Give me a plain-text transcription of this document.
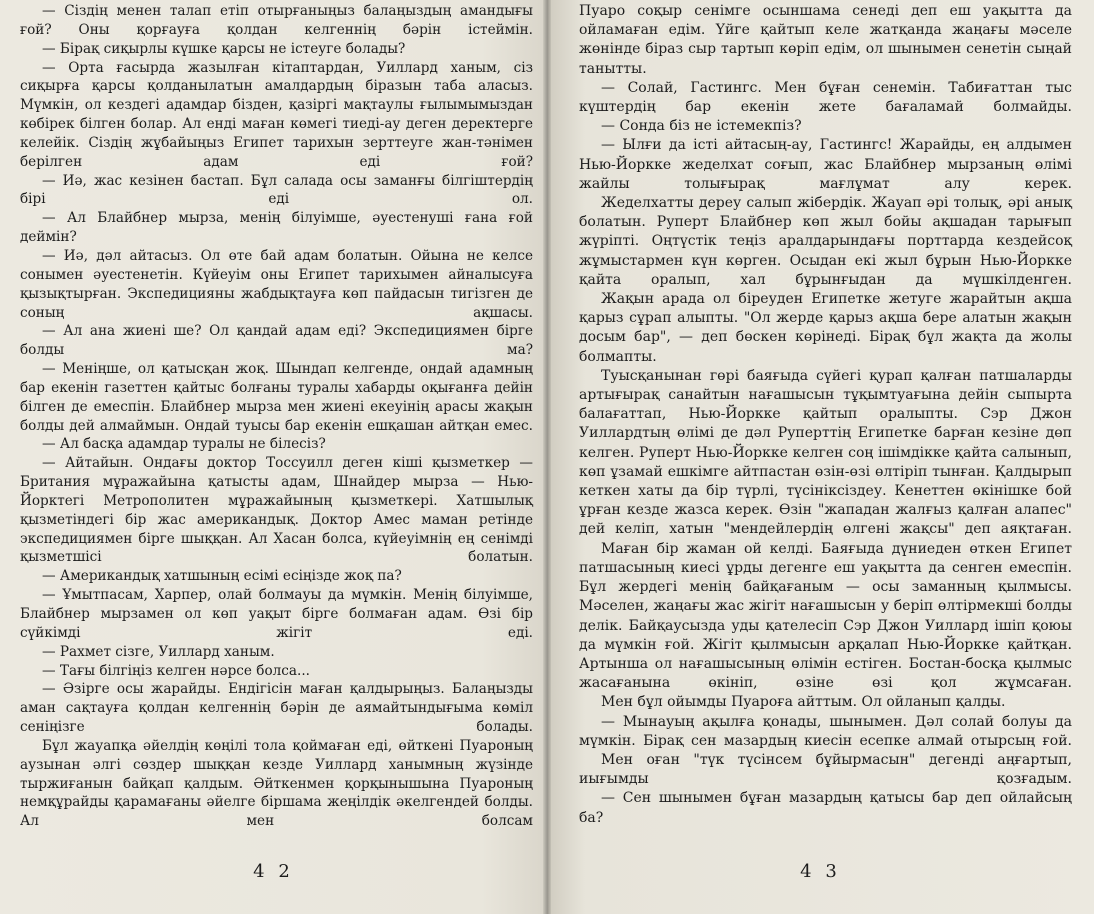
— Сіздің менен талап етіп отырғаныңыз балаңыздың амандығы ғой? Оны қорғауға қолдан келгеннің бәрін істеймін.

— Бірақ сиқырлы күшке қарсы не істеуге болады?

— Орта ғасырда жазылған кітаптардан, Уиллард ханым, сіз сиқырға қарсы қолданылатын амалдардың біразын таба аласыз. Мүмкін, ол кездегі адамдар бізден, қазіргі мақтаулы ғылымымыздан көбірек білген болар. Ал енді маған көмегі тиеді-ау деген деректерге келейік. Сіздің жұбайыңыз Египет тарихын зерттеуге жан-тәнімен берілген адам еді ғой?

— Иә, жас кезінен бастап. Бұл салада осы заманғы білгіштердің бірі еді ол.

— Ал Блайбнер мырза, менің білуімше, әуестенуші ғана ғой деймін?

— Иә, дәл айтасыз. Ол өте бай адам болатын. Ойына не келсе сонымен әуестенетін. Күйеуім оны Египет тарихымен айналысуға қызықтырған. Экспедицияны жабдықтауға көп пайдасын тигізген де соның ақшасы.

— Ал ана жиені ше? Ол қандай адам еді? Экспедициямен бірге болды ма?

— Меніңше, ол қатысқан жоқ. Шындап келгенде, ондай адамның бар екенін газеттен қайтыс болғаны туралы хабарды оқығанға дейін білген де емеспін. Блайбнер мырза мен жиені екеуінің арасы жақын болды дей алмаймын. Ондай туысы бар екенін ешқашан айтқан емес.

— Ал басқа адамдар туралы не білесіз?

— Айтайын. Ондағы доктор Тоссуилл деген кіші қызметкер — Британия мұражайына қатысты адам, Шнайдер мырза — Нью-Йорктегі Метрополитен мұражайының қызметкері. Хатшылық қызметіндегі бір жас американдық. Доктор Амес маман ретінде экспедициямен бірге шыққан. Ал Хасан болса, күйеуімнің ең сенімді қызметшісі болатын.

— Американдық хатшының есімі есіңізде жоқ па?

— Ұмытпасам, Харпер, олай болмауы да мүмкін. Менің білуімше, Блайбнер мырзамен ол көп уақыт бірге болмаған адам. Өзі бір сүйкімді жігіт еді.

— Рахмет сізге, Уиллард ханым.

— Тағы білгіңіз келген нәрсе болса...

— Әзірге осы жарайды. Ендігісін маған қалдырыңыз. Балаңызды аман сақтауға қолдан келгеннің бәрін де аямайтындығыма көміл сеніңізге болады.

Бұл жауапқа әйелдің көңілі тола қоймаған еді, өйткені Пуароның аузынан әлгі сөздер шыққан кезде Уиллард ханымның жүзінде тыржиғанын байқап қалдым. Әйткенмен қорқынышына Пуароның немқұрайды қарамағаны әйелге біршама жеңілдік әкелгендей болды. Ал мен болсам

4 2

Пуаро соқыр сенімге осыншама сенеді деп еш уақытта да ойламаған едім. Үйге қайтып келе жатқанда жаңағы мәселе жөнінде біраз сыр тартып көріп едім, ол шынымен сенетін сыңай танытты.

— Солай, Гастингс. Мен бұған сенемін. Табиғаттан тыс күштердің бар екенін жете бағаламай болмайды.

— Сонда біз не істемекпіз?

— Ылғи да істі айтасың-ау, Гастингс! Жарайды, ең алдымен Нью-Йоркке жеделхат соғып, жас Блайбнер мырзаның өлімі жайлы толығырақ мағлұмат алу керек.

Жеделхатты дереу салып жібердік. Жауап әрі толық, әрі анық болатын. Руперт Блайбнер көп жыл бойы ақшадан тарығып жүріпті. Оңтүстік теңіз аралдарындағы порттарда кездейсоқ жұмыстармен күн көрген. Осыдан екі жыл бұрын Нью-Йоркке қайта оралып, хал бұрынғыдан да мүшкілденген.

Жақын арада ол біреуден Египетке жетуге жарайтын ақша қарыз сұрап алыпты. "Ол жерде қарыз ақша бере алатын жақын досым бар", — деп бөскен көрінеді. Бірақ бұл жақта да жолы болмапты.

Туысқанынан гөрі баяғыда сүйегі қурап қалған патшаларды артығырақ санайтын нағашысын тұқымтуағына дейін сыпырта балағаттап, Нью-Йоркке қайтып оралыпты. Сэр Джон Уиллардтың өлімі де дәл Руперттің Египетке барған кезіне дөп келген. Руперт Нью-Йоркке келген соң ішімдікке қайта салынып, көп ұзамай ешкімге айтпастан өзін-өзі өлтіріп тынған. Қалдырып кеткен хаты да бір түрлі, түсініксіздеу. Кенеттен өкінішке бой ұрған кезде жазса керек. Өзін "жападан жалғыз қалған алапес" дей келіп, хатын "мендейлердің өлгені жақсы" деп аяқтаған.

Маған бір жаман ой келді. Баяғыда дүниеден өткен Египет патшасының киесі ұрды дегенге еш уақытта да сенген емеспін. Бұл жердегі менің байқағаным — осы заманның қылмысы. Мәселен, жаңағы жас жігіт нағашысын у беріп өлтірмекші болды делік. Байқаусызда уды қателесіп Сэр Джон Уиллард ішіп қоюы да мүмкін ғой. Жігіт қылмысын арқалап Нью-Йоркке қайтқан. Артынша ол нағашысының өлімін естіген. Бостан-босқа қылмыс жасағанына өкініп, өзіне өзі қол жұмсаған.

Мен бұл ойымды Пуароға айттым. Ол ойланып қалды.

— Мынауың ақылға қонады, шынымен. Дәл солай болуы да мүмкін. Бірақ сен мазардың киесін есепке алмай отырсың ғой.

Мен оған "түк түсінсем бұйырмасын" дегенді аңғартып, иығымды қозғадым.

— Сен шынымен бұған мазардың қатысы бар деп ойлайсың ба?

4 3
